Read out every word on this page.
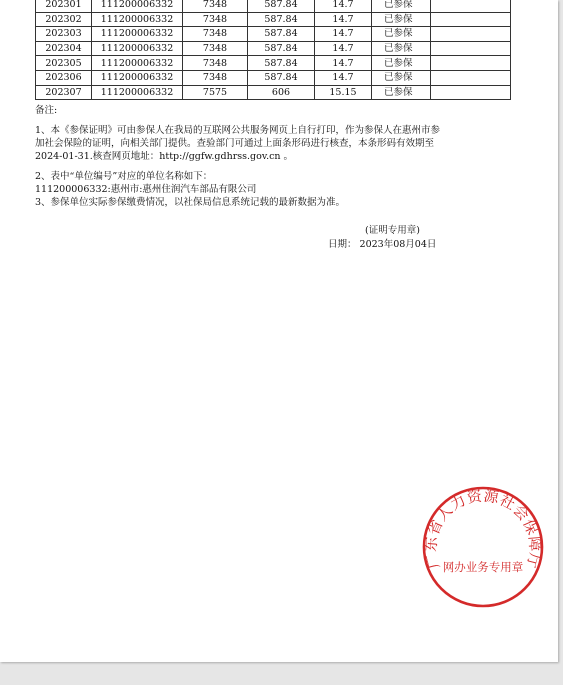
202301	111200006332	7348	587.84	14.7	已参保	
202302	111200006332	7348	587.84	14.7	已参保	
202303	111200006332	7348	587.84	14.7	已参保	
202304	111200006332	7348	587.84	14.7	已参保	
202305	111200006332	7348	587.84	14.7	已参保	
202306	111200006332	7348	587.84	14.7	已参保	
202307	111200006332	7575	606	15.15	已参保	

备注:

1、本《参保证明》可由参保人在我局的互联网公共服务网页上自行打印，作为参保人在惠州市参

加社会保险的证明，向相关部门提供。查验部门可通过上面条形码进行核查，本条形码有效期至

2024-01-31.核查网页地址：http://ggfw.gdhrss.gov.cn 。

2、表中“单位编号”对应的单位名称如下：

111200006332:惠州市:惠州住润汽车部品有限公司

3、参保单位实际参保缴费情况，以社保局信息系统记载的最新数据为准。

(证明专用章)
日期： 2023年08月04日
广东省人力资源社会保障厅
网办业务专用章
